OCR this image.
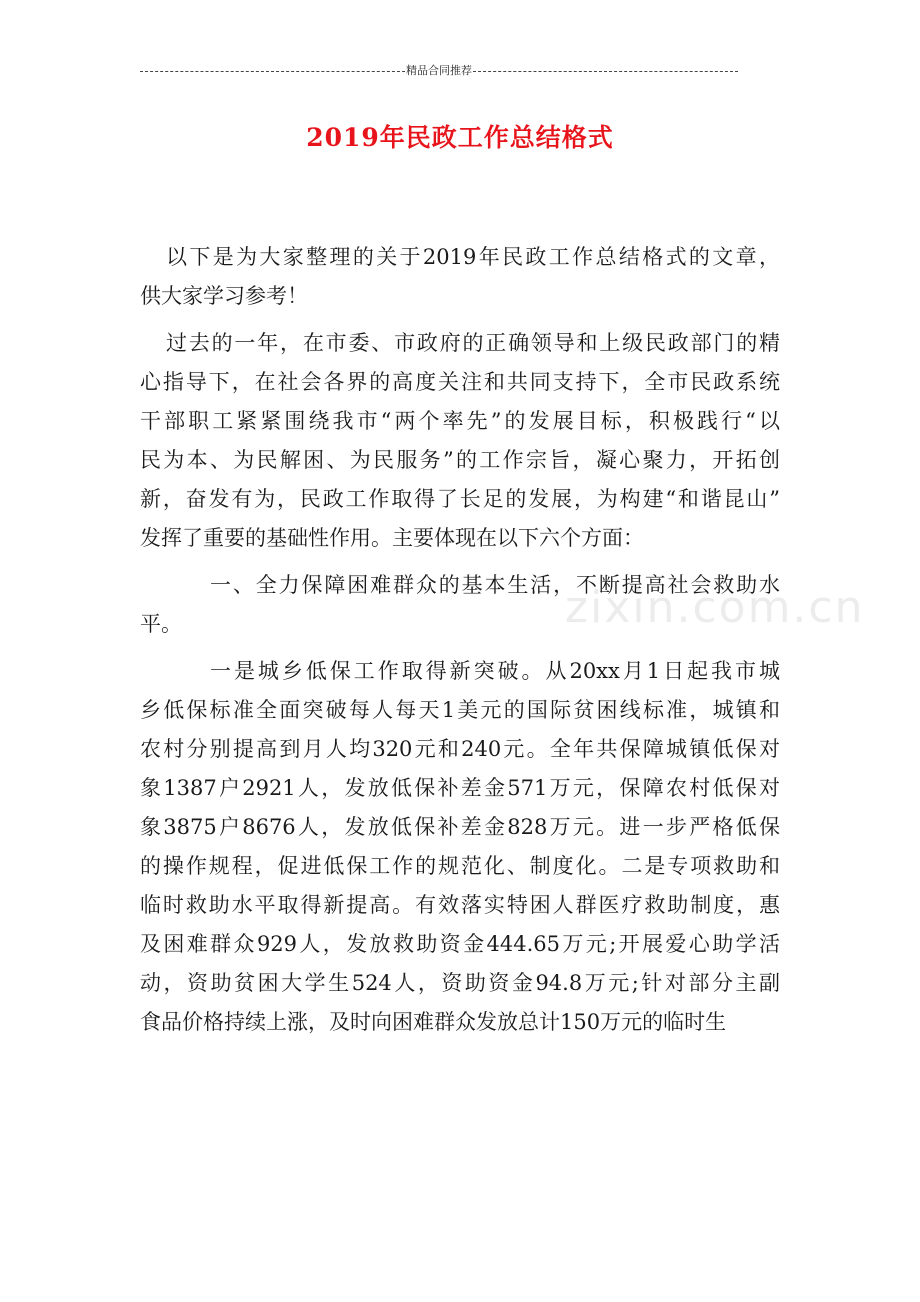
精品合同推荐
2019年民政工作总结格式
zixin.com.cn
以下是为大家整理的关于2019年民政工作总结格式的文章，
供大家学习参考！
过去的一年，在市委、市政府的正确领导和上级民政部门的精
心指导下，在社会各界的高度关注和共同支持下，全市民政系统
干部职工紧紧围绕我市“两个率先”的发展目标，积极践行“以
民为本、为民解困、为民服务”的工作宗旨，凝心聚力，开拓创
新，奋发有为，民政工作取得了长足的发展，为构建“和谐昆山”
发挥了重要的基础性作用。主要体现在以下六个方面：
一、全力保障困难群众的基本生活，不断提高社会救助水
平。
一是城乡低保工作取得新突破。从20xx月1日起我市城
乡低保标准全面突破每人每天1美元的国际贫困线标准，城镇和
农村分别提高到月人均320元和240元。全年共保障城镇低保对
象1387户2921人，发放低保补差金571万元，保障农村低保对
象3875户8676人，发放低保补差金828万元。进一步严格低保
的操作规程，促进低保工作的规范化、制度化。二是专项救助和
临时救助水平取得新提高。有效落实特困人群医疗救助制度，惠
及困难群众929人，发放救助资金444.65万元;开展爱心助学活
动，资助贫困大学生524人，资助资金94.8万元;针对部分主副
食品价格持续上涨，及时向困难群众发放总计150万元的临时生
